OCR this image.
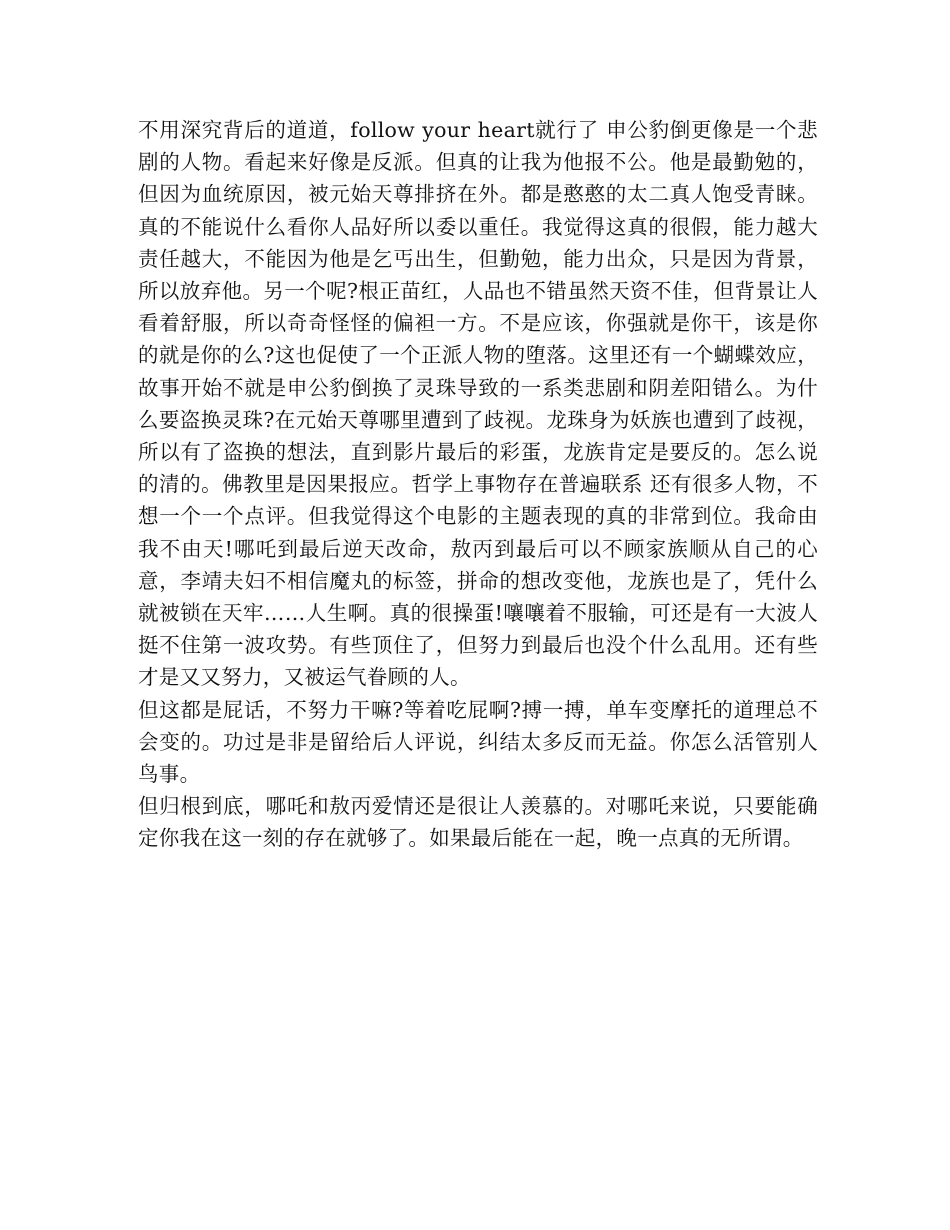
不用深究背后的道道，follow your heart就行了 申公豹倒更像是一个悲剧的人物。看起来好像是反派。但真的让我为他报不公。他是最勤勉的，但因为血统原因，被元始天尊排挤在外。都是憨憨的太二真人饱受青睐。真的不能说什么看你人品好所以委以重任。我觉得这真的很假，能力越大责任越大，不能因为他是乞丐出生，但勤勉，能力出众，只是因为背景，所以放弃他。另一个呢?根正苗红，人品也不错虽然天资不佳，但背景让人看着舒服，所以奇奇怪怪的偏袒一方。不是应该，你强就是你干，该是你的就是你的么?这也促使了一个正派人物的堕落。这里还有一个蝴蝶效应，故事开始不就是申公豹倒换了灵珠导致的一系类悲剧和阴差阳错么。为什么要盗换灵珠?在元始天尊哪里遭到了歧视。龙珠身为妖族也遭到了歧视，所以有了盗换的想法，直到影片最后的彩蛋，龙族肯定是要反的。怎么说的清的。佛教里是因果报应。哲学上事物存在普遍联系 还有很多人物，不想一个一个点评。但我觉得这个电影的主题表现的真的非常到位。我命由我不由天!哪吒到最后逆天改命，敖丙到最后可以不顾家族顺从自己的心意，李靖夫妇不相信魔丸的标签，拼命的想改变他，龙族也是了，凭什么就被锁在天牢……人生啊。真的很操蛋!嚷嚷着不服输，可还是有一大波人挺不住第一波攻势。有些顶住了，但努力到最后也没个什么乱用。还有些才是又又努力，又被运气眷顾的人。

但这都是屁话，不努力干嘛?等着吃屁啊?搏一搏，单车变摩托的道理总不会变的。功过是非是留给后人评说，纠结太多反而无益。你怎么活管别人鸟事。

但归根到底，哪吒和敖丙爱情还是很让人羡慕的。对哪吒来说，只要能确定你我在这一刻的存在就够了。如果最后能在一起，晚一点真的无所谓。
